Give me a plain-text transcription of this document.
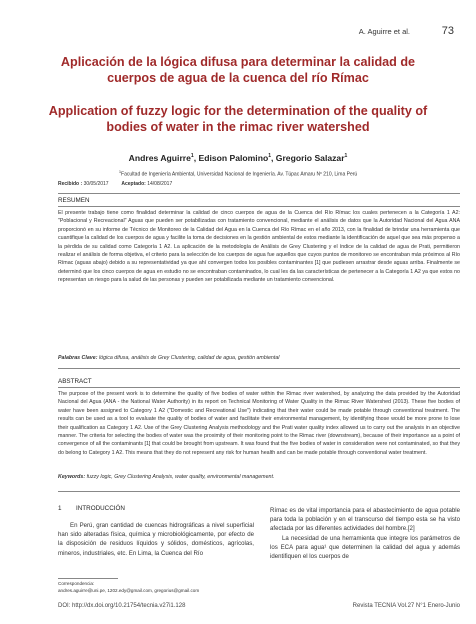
A. Aguirre et al.	73
Aplicación de la lógica difusa para determinar la calidad de cuerpos de agua de la cuenca del río Rímac
Application of fuzzy logic for the determination of the quality of bodies of water in the rimac river watershed
Andres Aguirre$^1$, Edison Palomino$^1$, Gregorio Salazar$^1$
$^1$Facultad de Ingeniería Ambiental, Universidad Nacional de Ingeniería. Av. Túpac Amaru Nº 210, Lima Perú
Recibido : 30/05/2017	Aceptado: 14/08/2017
RESUMEN
El presente trabajo tiene como finalidad determinar la calidad de cinco cuerpos de agua de la Cuenca del Río Rímac los cuales pertenecen a la Categoría 1 A2: "Poblacional y Recreacional" Aguas que pueden ser potabilizadas con tratamiento convencional, mediante el análisis de datos que la Autoridad Nacional del Agua ANA proporcionó en su informe de Técnico de Monitoreo de la Calidad del Agua en la Cuenca del Río Rímac en el año 2013, con la finalidad de brindar una herramienta que cuantifique la calidad de los cuerpos de agua y facilite la toma de decisiones en la gestión ambiental de estos mediante la identificación de aquel que sea más propenso a la pérdida de su calidad como Categoría 1 A2. La aplicación de la metodología de Análisis de Grey Clustering y el índice de la calidad de agua de Prati, permitieron realizar el análisis de forma objetiva, el criterio para la selección de los cuerpos de agua fue aquellos que cuyos puntos de monitoreo se encontraban más próximos al Río Rímac (aguas abajo) debido a su representatividad ya que ahí convergen todos los posibles contaminantes [1] que pudiesen arrastrar desde aguas arriba. Finalmente se determinó que los cinco cuerpos de agua en estudio no se encontraban contaminados, lo cual les da las características de pertenecer a la Categoría 1 A2 ya que estos no representan un riesgo para la salud de las personas y pueden ser potabilizada mediante un tratamiento convencional.
Palabras Clave: lógica difusa, análisis de Grey Clustering, calidad de agua, gestión ambiental
ABSTRACT
The purpose of the present work is to determine the quality of five bodies of water within the Rimac river watershed, by analyzing the data provided by the Autoridad Nacional del Agua (ANA - the National Water Authority) in its report on Technical Monitoring of Water Quality in the Rimac River Watershed (2013). These five bodies of water have been assigned to Category 1 A2 ("Domestic and Recreational Use") indicating that their water could be made potable through conventional treatment. The results can be used as a tool to evaluate the quality of bodies of water and facilitate their environmental management, by identifying those would be more prone to lose their qualification as Category 1 A2. Use of the Grey Clustering Analysis methodology and the Prati water quality index allowed us to carry out the analysis in an objective manner. The criteria for selecting the bodies of water was the proximity of their monitoring point to the Rimac river (downstream), because of their importance as a point of convergence of all the contaminants [1] that could be brought from upstream. It was found that the five bodies of water in consideration were not contaminated, so that they do belong to Category 1 A2. This means that they do not represent any risk for human health and can be made potable through conventional water treatment.
Keywords: fuzzy logic, Grey Clustering Analysis, water quality, environmental management.
1 INTRODUCCIÓN

En Perú, gran cantidad de cuencas hidrográficas a nivel superficial han sido alteradas física, química y microbiológicamente, por efecto de la disposición de residuos líquidos y sólidos, domésticos, agrícolas, mineros, industriales, etc. En Lima, la Cuenca del Río

Rímac es de vital importancia para el abastecimiento de agua potable para toda la población y en el transcurso del tiempo esta se ha visto afectada por las diferentes actividades del hombre.[2]

La necesidad de una herramienta que integre los parámetros de los ECA para agua¹ que determinen la calidad del agua y además identifiquen el los cuerpos de

Correspondencia:
andres.aguirre@uni.pe, 1202.edy@gmail.com, gregorius@gmail.com
DOI: http://dx.doi.org/10.21754/tecnia.v27i1.128	Revista TECNIA Vol.27 N°1 Enero-Junio
